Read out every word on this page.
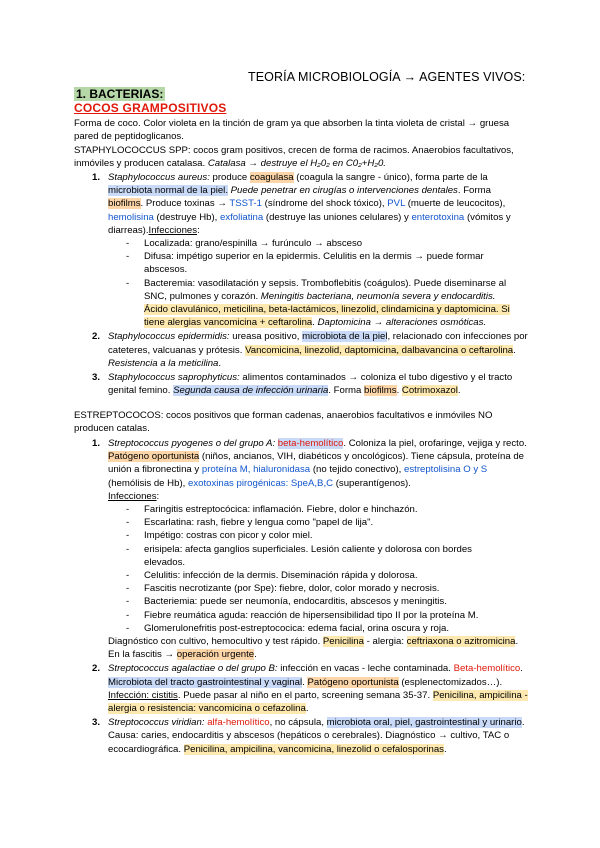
TEORÍA MICROBIOLOGÍA → AGENTES VIVOS:
1. BACTERIAS:
COCOS GRAMPOSITIVOS
Forma de coco. Color violeta en la tinción de gram ya que absorben la tinta violeta de cristal → gruesa pared de peptidoglicanos.
STAPHYLOCOCCUS SPP: cocos gram positivos, crecen de forma de racimos. Anaerobios facultativos, inmóviles y producen catalasa. Catalasa → destruye el H₂0₂ en C0₂+H₂0.
1. Staphylococcus aureus: produce coagulasa (coagula la sangre - único), forma parte de la microbiota normal de la piel. Puede penetrar en cirugías o intervenciones dentales. Forma biofilms. Produce toxinas → TSST-1 (síndrome del shock tóxico), PVL (muerte de leucocitos), hemolisina (destruye Hb), exfoliatina (destruye las uniones celulares) y enterotoxina (vómitos y diarreas).Infecciones:
- Localizada: grano/espinilla → furúnculo → absceso
- Difusa: impétigo superior en la epidermis. Celulitis en la dermis → puede formar abscesos.
- Bacteremia: vasodilatación y sepsis. Tromboflebitis (coágulos). Puede diseminarse al SNC, pulmones y corazón. Meningitis bacteriana, neumonía severa y endocarditis. Ácido clavulánico, meticilina, beta-lactámicos, linezolid, clindamicina y daptomicina. Si tiene alergias vancomicina + ceftarolina. Daptomicina → alteraciones osmóticas.
2. Staphylococcus epidermidis: ureasa positivo, microbiota de la piel, relacionado con infecciones por cateteres, valcuanas y prótesis. Vancomicina, linezolid, daptomicina, dalbavancina o ceftarolina. Resistencia a la meticilina.
3. Staphylococcus saprophyticus: alimentos contaminados → coloniza el tubo digestivo y el tracto genital femino. Segunda causa de infección urinaria. Forma biofilms. Cotrimoxazol.
ESTREPTOCOCOS: cocos positivos que forman cadenas, anaerobios facultativos e inmóviles NO producen catalas.
1. Streptococcus pyogenes o del grupo A: beta-hemolítico. Coloniza la piel, orofaringe, vejiga y recto. Patógeno oportunista (niños, ancianos, VIH, diabéticos y oncológicos). Tiene cápsula, proteína de unión a fibronectina y proteína M, hialuronidasa (no tejido conectivo), estreptolisina O y S (hemólisis de Hb), exotoxinas pirogénicas: SpeA,B,C (superantígenos).
Infecciones:
- Faringitis estreptocócica: inflamación. Fiebre, dolor e hinchazón.
- Escarlatina: rash, fiebre y lengua como "papel de lija".
- Impétigo: costras con picor y color miel.
- erisipela: afecta ganglios superficiales. Lesión caliente y dolorosa con bordes elevados.
- Celulitis: infección de la dermis. Diseminación rápida y dolorosa.
- Fascitis necrotizante (por Spe): fiebre, dolor, color morado y necrosis.
- Bacteriemia: puede ser neumonía, endocarditis, abscesos y meningitis.
- Fiebre reumática aguda: reacción de hipersensibilidad tipo II por la proteína M.
- Glomerulonefritis post-estreptococica: edema facial, orina oscura y roja.
Diagnóstico con cultivo, hemocultivo y test rápido. Penicilina - alergia: ceftriaxona o azitromicina. En la fascitis → operación urgente.
2. Streptococcus agalactiae o del grupo B: infección en vacas - leche contaminada. Beta-hemolítico. Microbiota del tracto gastrointestinal y vaginal. Patógeno oportunista (esplenectomizados…). Infección: cistitis. Puede pasar al niño en el parto, screening semana 35-37. Penicilina, ampicilina - alergia o resistencia: vancomicina o cefazolina.
3. Streptococcus viridian: alfa-hemolítico, no cápsula, microbiota oral, piel, gastrointestinal y urinario. Causa: caries, endocarditis y abscesos (hepáticos o cerebrales). Diagnóstico → cultivo, TAC o ecocardiográfica. Penicilina, ampicilina, vancomicina, linezolid o cefalosporinas.
